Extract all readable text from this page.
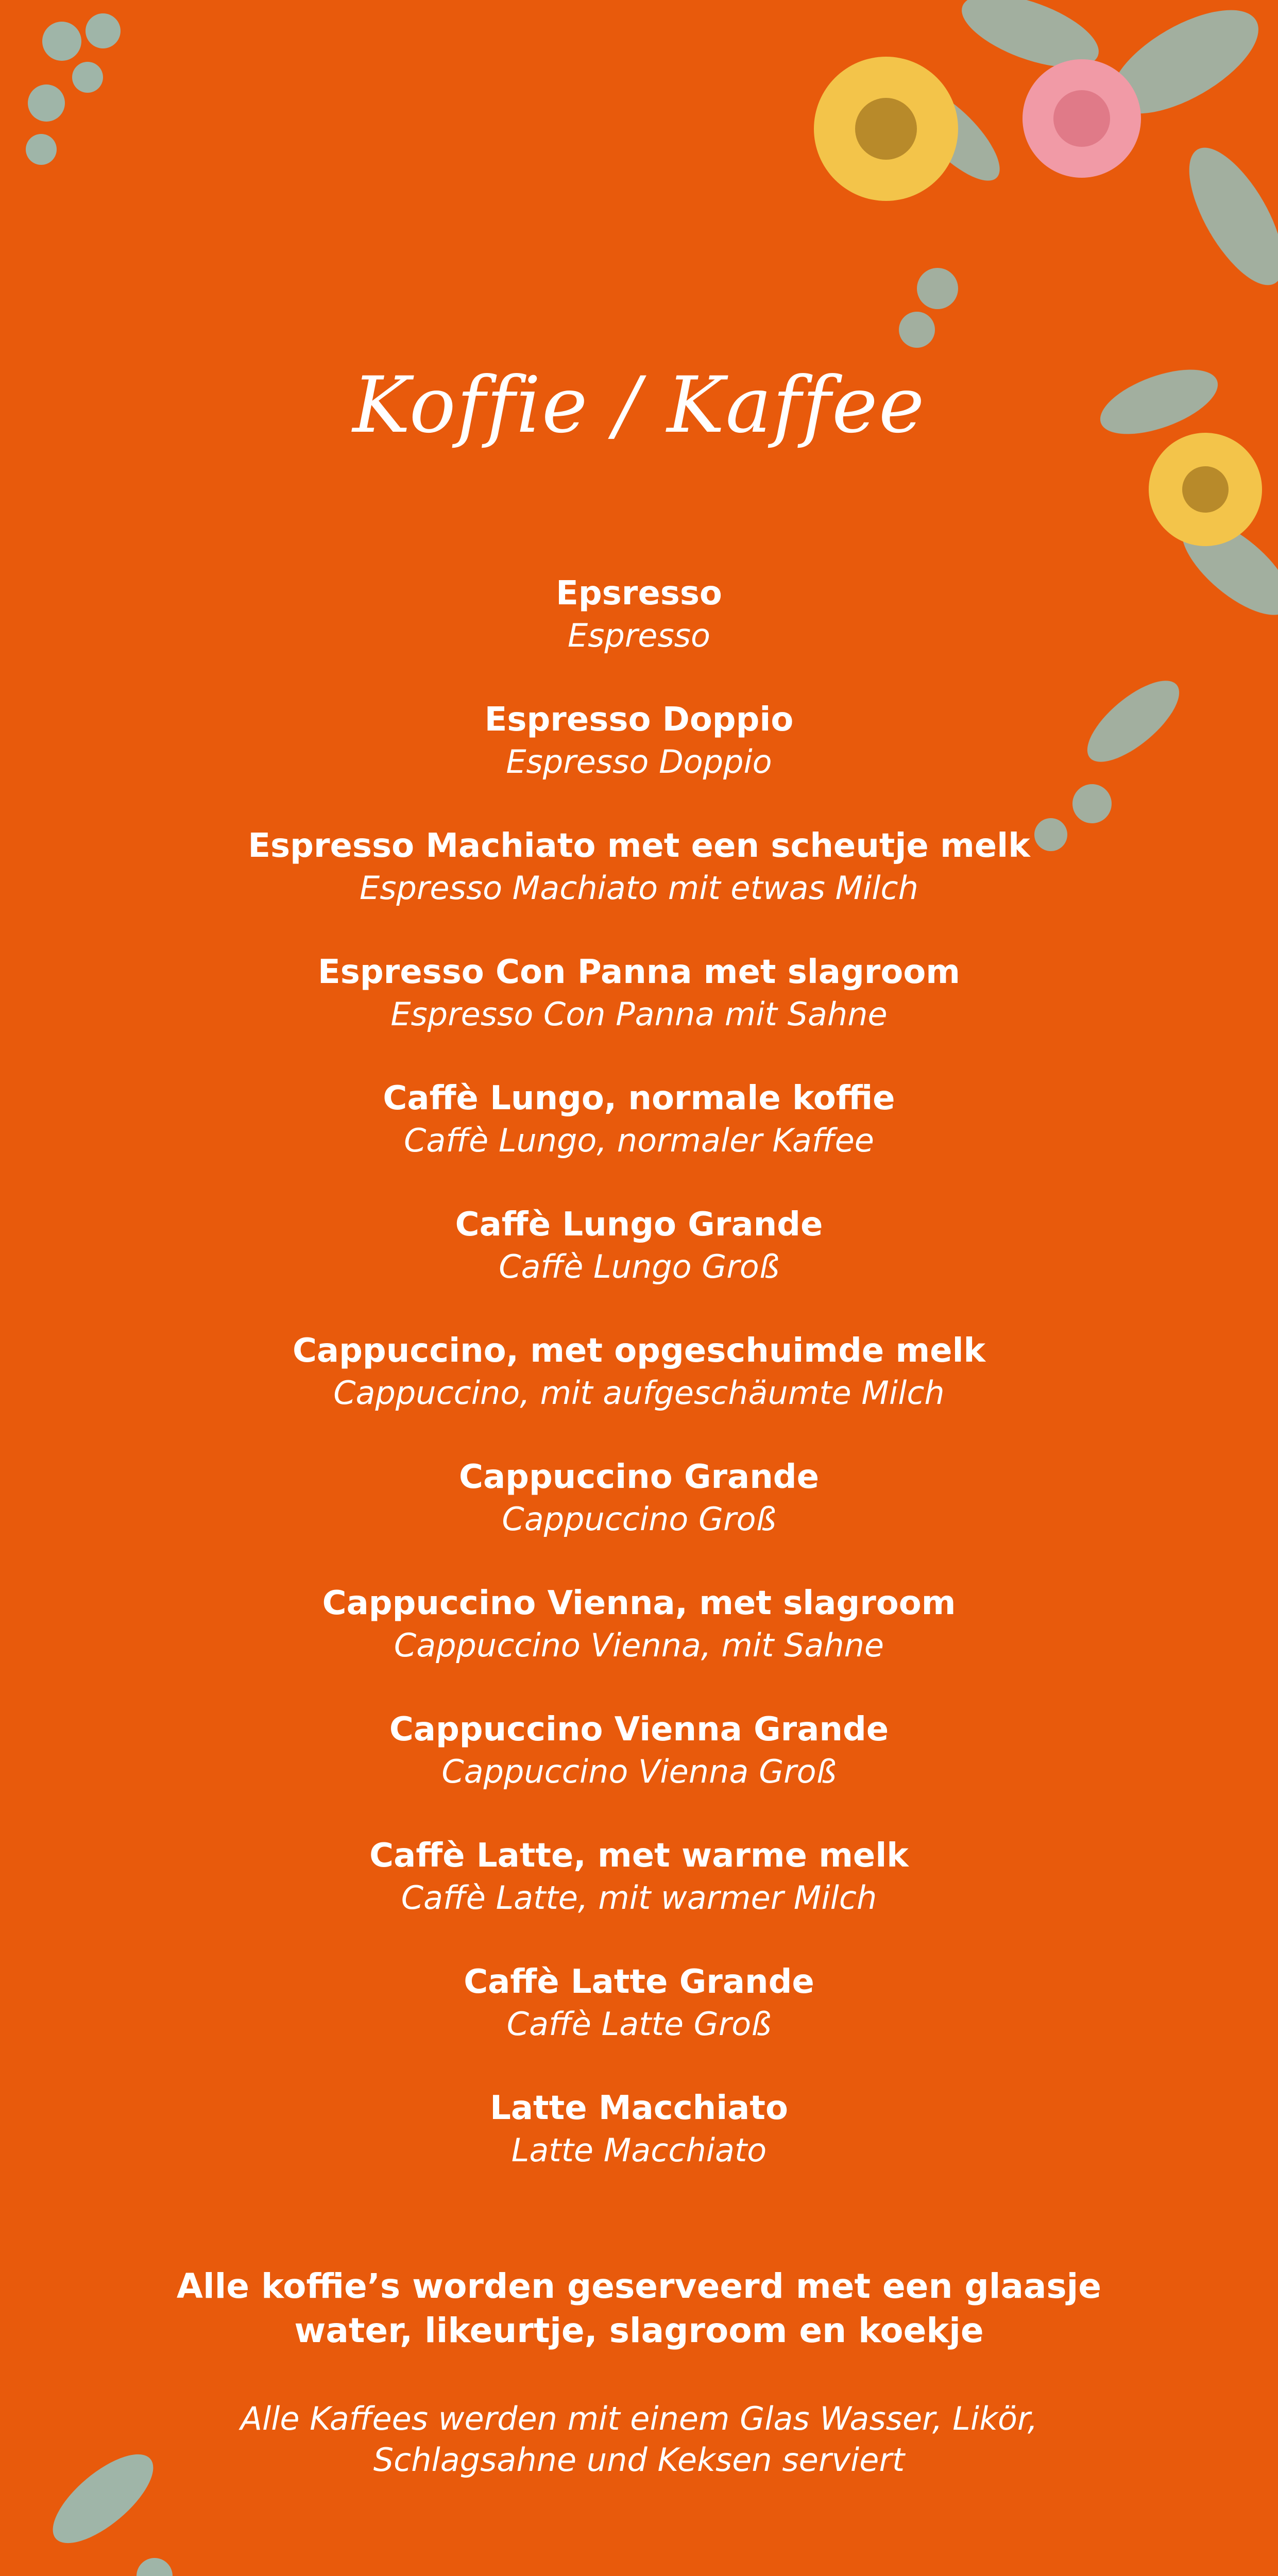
Koffie / Kaffee
Epsresso
Espresso
Espresso Doppio
Espresso Doppio
Espresso Machiato met een scheutje melk
Espresso Machiato mit etwas Milch
Espresso Con Panna met slagroom
Espresso Con Panna mit Sahne
Caffè Lungo, normale koffie
Caffè Lungo, normaler Kaffee
Caffè Lungo Grande
Caffè Lungo Groß
Cappuccino, met opgeschuimde melk
Cappuccino, mit aufgeschäumte Milch
Cappuccino Grande
Cappuccino Groß
Cappuccino Vienna, met slagroom
Cappuccino Vienna, mit Sahne
Cappuccino Vienna Grande
Cappuccino Vienna Groß
Caffè Latte, met warme melk
Caffè Latte, mit warmer Milch
Caffè Latte Grande
Caffè Latte Groß
Latte Macchiato
Latte Macchiato
Alle koffie’s worden geserveerd met een glaasje
water, likeurtje, slagroom en koekje
Alle Kaffees werden mit einem Glas Wasser, Likör,
Schlagsahne und Keksen serviert
